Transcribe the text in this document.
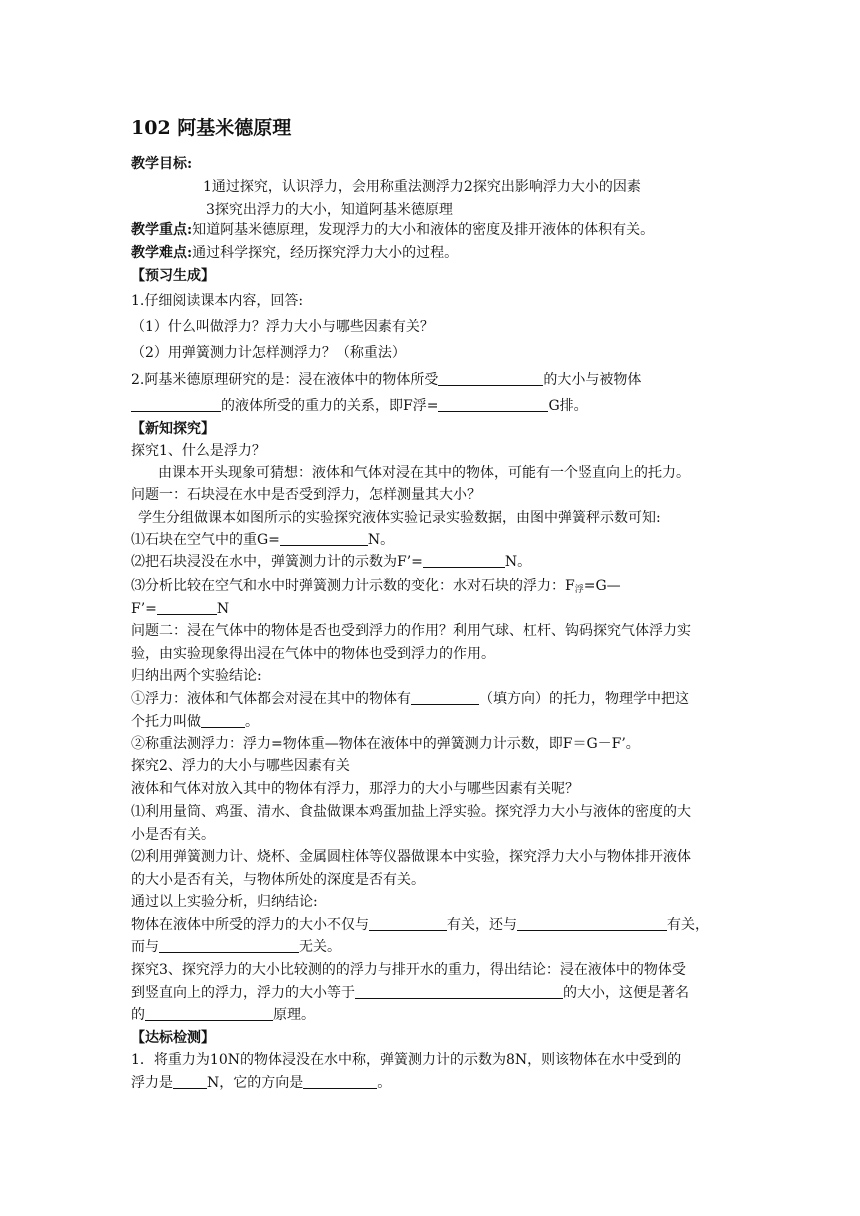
102 阿基米德原理
教学目标:
1通过探究，认识浮力，会用称重法测浮力2探究出影响浮力大小的因素
3探究出浮力的大小，知道阿基米德原理
教学重点:知道阿基米德原理，发现浮力的大小和液体的密度及排开液体的体积有关。
教学难点:通过科学探究，经历探究浮力大小的过程。
【预习生成】
1.仔细阅读课本内容，回答:
（1）什么叫做浮力？浮力大小与哪些因素有关？
（2）用弹簧测力计怎样测浮力？（称重法）
2.阿基米德原理研究的是：浸在液体中的物体所受	的大小与被物体
的液体所受的重力的关系，即F浮=	G排。
【新知探究】
探究1、什么是浮力？
由课本开头现象可猜想：液体和气体对浸在其中的物体，可能有一个竖直向上的托力。
问题一：石块浸在水中是否受到浮力，怎样测量其大小？
学生分组做课本如图所示的实验探究液体实验记录实验数据，由图中弹簧秤示数可知:
⑴石块在空气中的重G=	N。
⑵把石块浸没在水中，弹簧测力计的示数为F’=	N。
⑶分析比较在空气和水中时弹簧测力计示数的变化：水对石块的浮力：$F_浮=G—$
F’=	N
问题二：浸在气体中的物体是否也受到浮力的作用？利用气球、杠杆、钩码探究气体浮力实
验，由实验现象得出浸在气体中的物体也受到浮力的作用。
归纳出两个实验结论:
①浮力：液体和气体都会对浸在其中的物体有	（填方向）的托力，物理学中把这
个托力叫做	。
②称重法测浮力：浮力=物体重—物体在液体中的弹簧测力计示数，即F＝G－F’。
探究2、浮力的大小与哪些因素有关
液体和气体对放入其中的物体有浮力，那浮力的大小与哪些因素有关呢？
⑴利用量筒、鸡蛋、清水、食盐做课本鸡蛋加盐上浮实验。探究浮力大小与液体的密度的大
小是否有关。
⑵利用弹簧测力计、烧杯、金属圆柱体等仪器做课本中实验，探究浮力大小与物体排开液体
的大小是否有关，与物体所处的深度是否有关。
通过以上实验分析，归纳结论:
物体在液体中所受的浮力的大小不仅与	有关，还与	有关，
而与	无关。
探究3、探究浮力的大小比较测的的浮力与排开水的重力，得出结论：浸在液体中的物体受
到竖直向上的浮力，浮力的大小等于	的大小，这便是著名
的	原理。
【达标检测】
1．将重力为10N的物体浸没在水中称，弹簧测力计的示数为8N，则该物体在水中受到的
浮力是 N，它的方向是	。
